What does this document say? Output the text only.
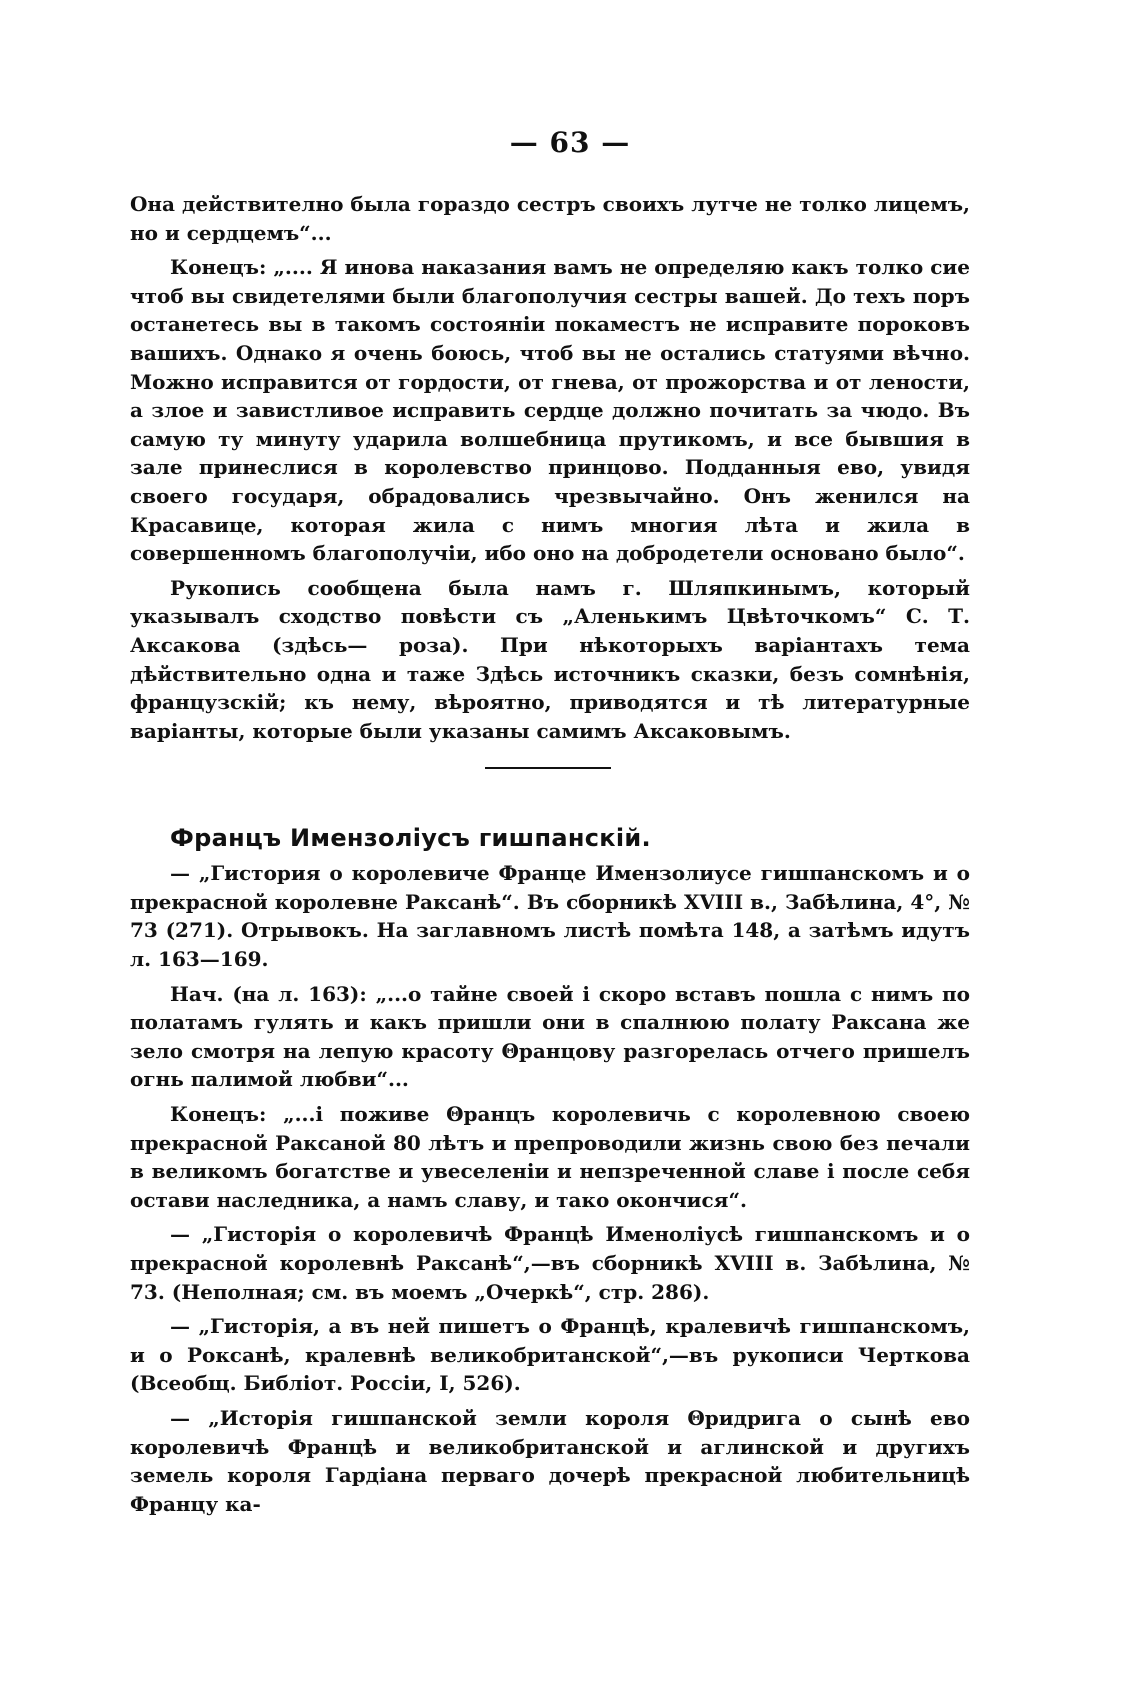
— 63 —

Она действително была гораздо сестръ своихъ лутче не толко лицемъ, но и сердцемъ“...

Конецъ: „.... Я инова наказания вамъ не определяю какъ толко сие чтоб вы свидетелями были благополучия сестры вашей. До техъ поръ останетесь вы в такомъ состоянiи покаместъ не исправите пороковъ вашихъ. Однако я очень боюсь, чтоб вы не остались статуями вѣчно. Можно исправится от гордости, от гнева, от прожорства и от лености, а злое и завистливое исправить сердце должно почитать за чюдо. Въ самую ту минуту ударила волшебница прутикомъ, и все бывшия в зале принеслися в королевство принцово. Подданныя ево, увидя своего государя, обрадовались чрезвычайно. Онъ женился на Красавице, которая жила с нимъ многия лѣта и жила в совершенномъ благополучiи, ибо оно на добродетели основано было“.

Рукопись сообщена была намъ г. Шляпкинымъ, который указывалъ сходство повѣсти съ „Аленькимъ Цвѣточкомъ“ С. Т. Аксакова (здѣсь— роза). При нѣкоторыхъ варiантахъ тема дѣйствительно одна и таже Здѣсь источникъ сказки, безъ сомнѣнiя, французскiй; къ нему, вѣроятно, приводятся и тѣ литературные варiанты, которые были указаны самимъ Аксаковымъ.

Францъ Имензолiусъ гишпанскiй.

— „Гистория о королевиче Франце Имензолиусе гишпанскомъ и о прекрасной королевне Раксанѣ“. Въ сборникѣ XVIII в., Забѣлина, 4°, № 73 (271). Отрывокъ. На заглавномъ листѣ помѣта 148, а затѣмъ идутъ л. 163—169.

Нач. (на л. 163): „...о тайне своей i скоро вставъ пошла с нимъ по полатамъ гулять и какъ пришли они в спалнюю полату Раксана же зело смотря на лепую красоту Θранцову разгорелась отчего пришелъ огнь палимой любви“...

Конецъ: „...i поживе Θранцъ королевичь с королевною своею прекрасной Раксаной 80 лѣтъ и препроводили жизнь свою без печали в великомъ богатстве и увеселенiи и непзреченной славе i после себя остави наследника, а намъ славу, и тако окончися“.

— „Гисторiя о королевичѣ Францѣ Именолiусѣ гишпанскомъ и о прекрасной королевнѣ Раксанѣ“,—въ сборникѣ XVIII в. Забѣлина, № 73. (Неполная; см. въ моемъ „Очеркѣ“, стр. 286).

— „Гисторiя, а въ ней пишетъ о Францѣ, кралевичѣ гишпанскомъ, и о Роксанѣ, кралевнѣ великобританской“,—въ рукописи Черткова (Всеобщ. Библiот. Россiи, I, 526).

— „Исторiя гишпанской земли короля Θридрига о сынѣ ево королевичѣ Францѣ и великобританской и аглинской и другихъ земель короля Гардiана перваго дочерѣ прекрасной любительницѣ Францу ка-
